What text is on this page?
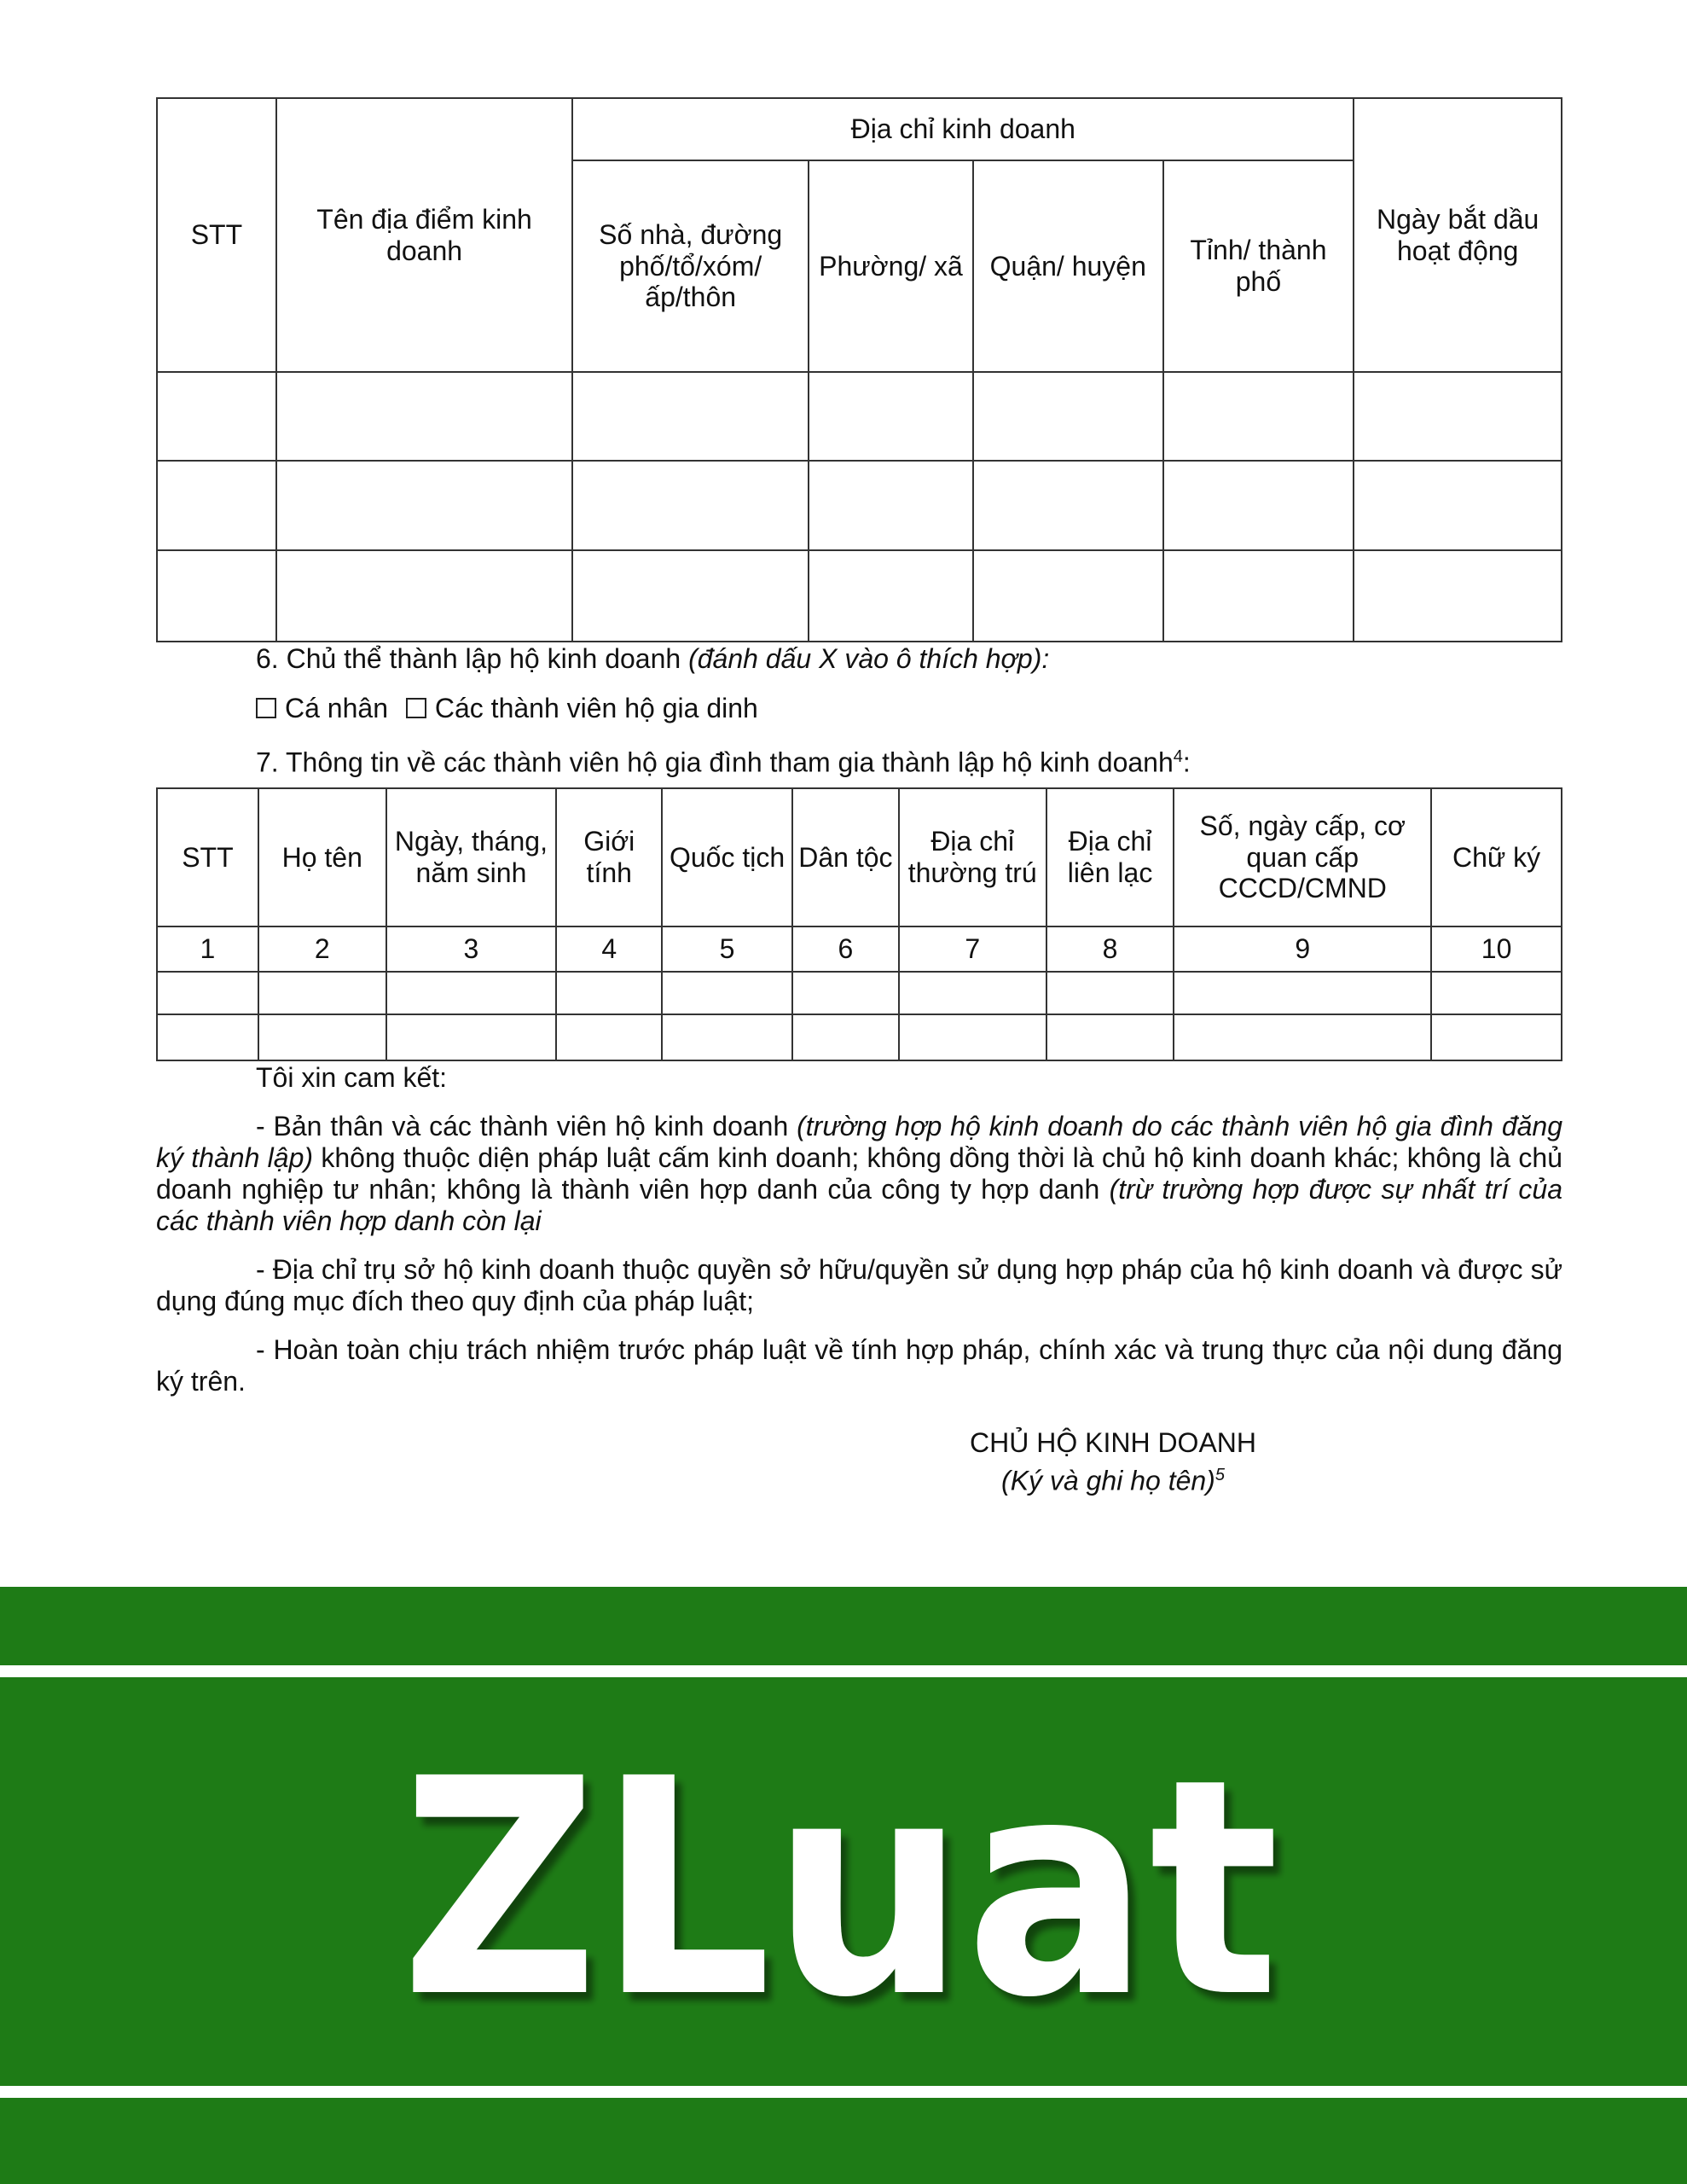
STT	Tên địa điểm kinh doanh	Địa chỉ kinh doanh				Ngày bắt dầu hoạt động
		Số nhà, đường phố/tổ/xóm/ ấp/thôn	Phường/ xã	Quận/ huyện	Tỉnh/ thành phố	

6. Chủ thể thành lập hộ kinh doanh (đánh dấu X vào ô thích hợp):
Cá nhân Các thành viên hộ gia dinh
7. Thông tin về các thành viên hộ gia đình tham gia thành lập hộ kinh doanh$^4$:
STT	Họ tên	Ngày, tháng, năm sinh	Giới tính	Quốc tịch	Dân tộc	Địa chỉ thường trú	Địa chỉ liên lạc	Số, ngày cấp, cơ quan cấp CCCD/CMND	Chữ ký
1	2	3	4	5	6	7	8	9	10

Tôi xin cam kết:
- Bản thân và các thành viên hộ kinh doanh (trường hợp hộ kinh doanh do các thành viên hộ gia đình đăng ký thành lập) không thuộc diện pháp luật cấm kinh doanh; không dồng thời là chủ hộ kinh doanh khác; không là chủ doanh nghiệp tư nhân; không là thành viên hợp danh của công ty hợp danh (trừ trường hợp được sự nhất trí của các thành viên hợp danh còn lại
- Địa chỉ trụ sở hộ kinh doanh thuộc quyền sở hữu/quyền sử dụng hợp pháp của hộ kinh doanh và được sử dụng đúng mục đích theo quy định của pháp luật;
- Hoàn toàn chịu trách nhiệm trước pháp luật về tính hợp pháp, chính xác và trung thực của nội dung đăng ký trên.
CHỦ HỘ KINH DOANH
(Ký và ghi họ tên)$^5$
ZLuat
